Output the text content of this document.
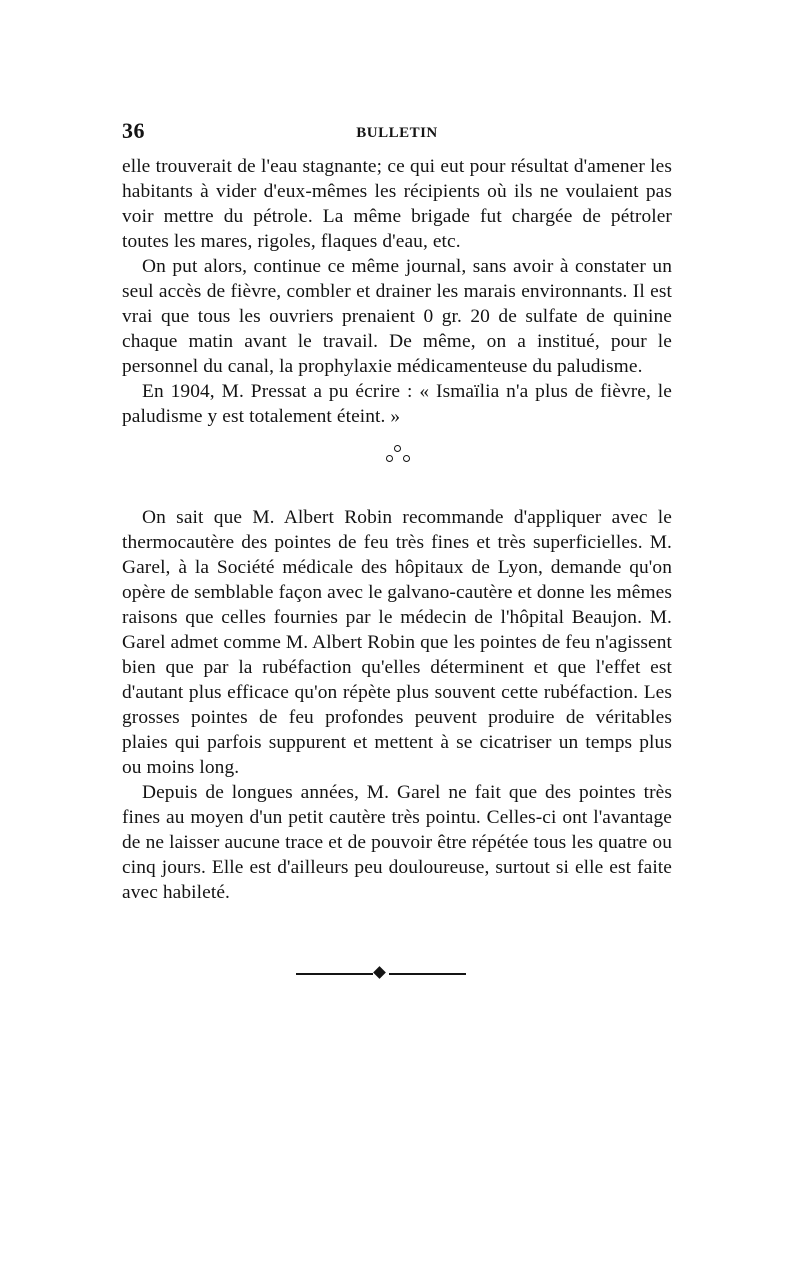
36	BULLETIN

elle trouverait de l'eau stagnante; ce qui eut pour résultat d'amener les habitants à vider d'eux-mêmes les récipients où ils ne voulaient pas voir mettre du pétrole. La même brigade fut chargée de pétroler toutes les mares, rigoles, flaques d'eau, etc.

On put alors, continue ce même journal, sans avoir à constater un seul accès de fièvre, combler et drainer les marais environnants. Il est vrai que tous les ouvriers prenaient 0 gr. 20 de sulfate de quinine chaque matin avant le travail. De même, on a institué, pour le personnel du canal, la prophylaxie médicamenteuse du paludisme.

En 1904, M. Pressat a pu écrire : « Ismaïlia n'a plus de fièvre, le paludisme y est totalement éteint. »

On sait que M. Albert Robin recommande d'appliquer avec le thermocautère des pointes de feu très fines et très superficielles. M. Garel, à la Société médicale des hôpitaux de Lyon, demande qu'on opère de semblable façon avec le galvano-cautère et donne les mêmes raisons que celles fournies par le médecin de l'hôpital Beaujon. M. Garel admet comme M. Albert Robin que les pointes de feu n'agissent bien que par la rubéfaction qu'elles déterminent et que l'effet est d'autant plus efficace qu'on répète plus souvent cette rubéfaction. Les grosses pointes de feu profondes peuvent produire de véritables plaies qui parfois suppurent et mettent à se cicatriser un temps plus ou moins long.

Depuis de longues années, M. Garel ne fait que des pointes très fines au moyen d'un petit cautère très pointu. Celles-ci ont l'avantage de ne laisser aucune trace et de pouvoir être répétée tous les quatre ou cinq jours. Elle est d'ailleurs peu douloureuse, surtout si elle est faite avec habileté.
